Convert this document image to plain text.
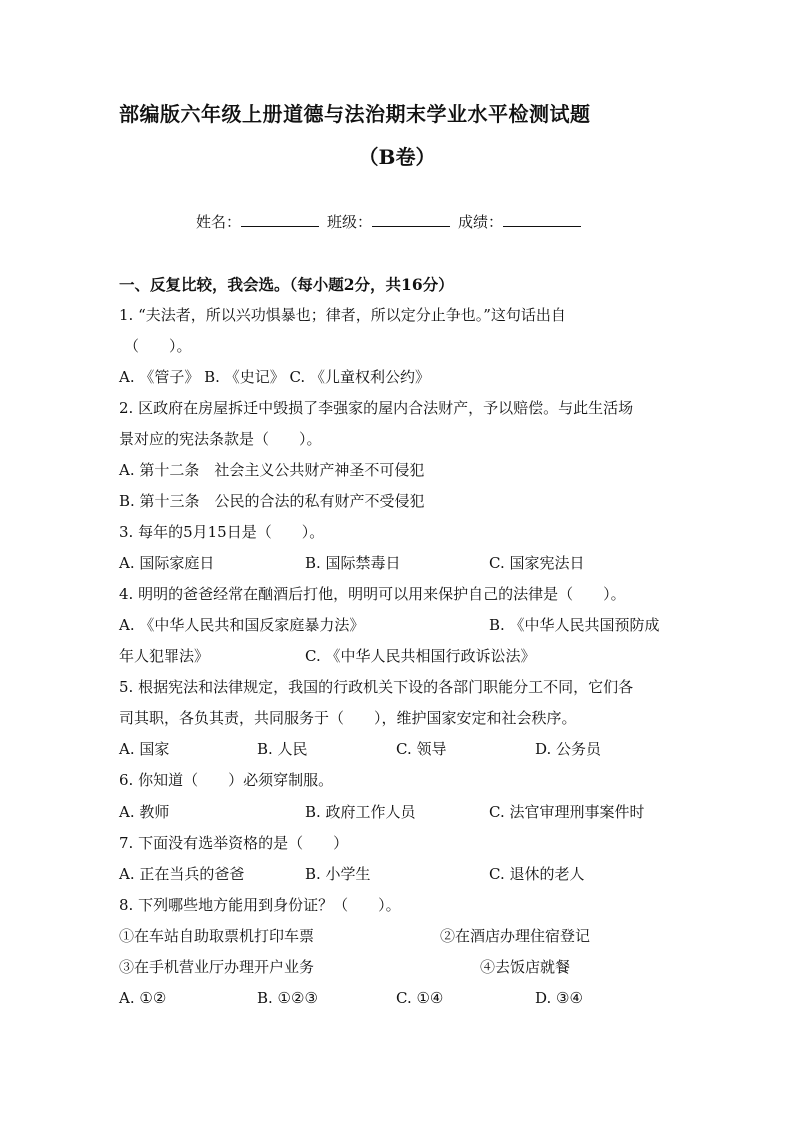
部编版六年级上册道德与法治期末学业水平检测试题
（B卷）
姓名：	班级：	成绩：
一、反复比较，我会选。（每小题2分，共16分）
1. “夫法者，所以兴功惧暴也；律者，所以定分止争也。”这句话出自
（　　）。
A. 《管子》 B. 《史记》 C. 《儿童权利公约》
2. 区政府在房屋拆迁中毁损了李强家的屋内合法财产，予以赔偿。与此生活场
景对应的宪法条款是（　　）。
A. 第十二条　社会主义公共财产神圣不可侵犯
B. 第十三条　公民的合法的私有财产不受侵犯
3. 每年的5月15日是（　　）。
A. 国际家庭日	B. 国际禁毒日	C. 国家宪法日
4. 明明的爸爸经常在酗酒后打他，明明可以用来保护自己的法律是（　　）。
A. 《中华人民共和国反家庭暴力法》	B. 《中华人民共国预防成
年人犯罪法》	C. 《中华人民共相国行政诉讼法》
5. 根据宪法和法律规定，我国的行政机关下设的各部门职能分工不同，它们各
司其职，各负其责，共同服务于（　　），维护国家安定和社会秩序。
A. 国家	B. 人民	C. 领导	D. 公务员
6. 你知道（　　）必须穿制服。
A. 教师	B. 政府工作人员	C. 法官审理刑事案件时
7. 下面没有选举资格的是（　　）
A. 正在当兵的爸爸	B. 小学生	C. 退休的老人
8. 下列哪些地方能用到身份证？（　　）。
①在车站自助取票机打印车票	②在酒店办理住宿登记
③在手机营业厅办理开户业务	④去饭店就餐
A. ①②	B. ①②③	C. ①④	D. ③④
